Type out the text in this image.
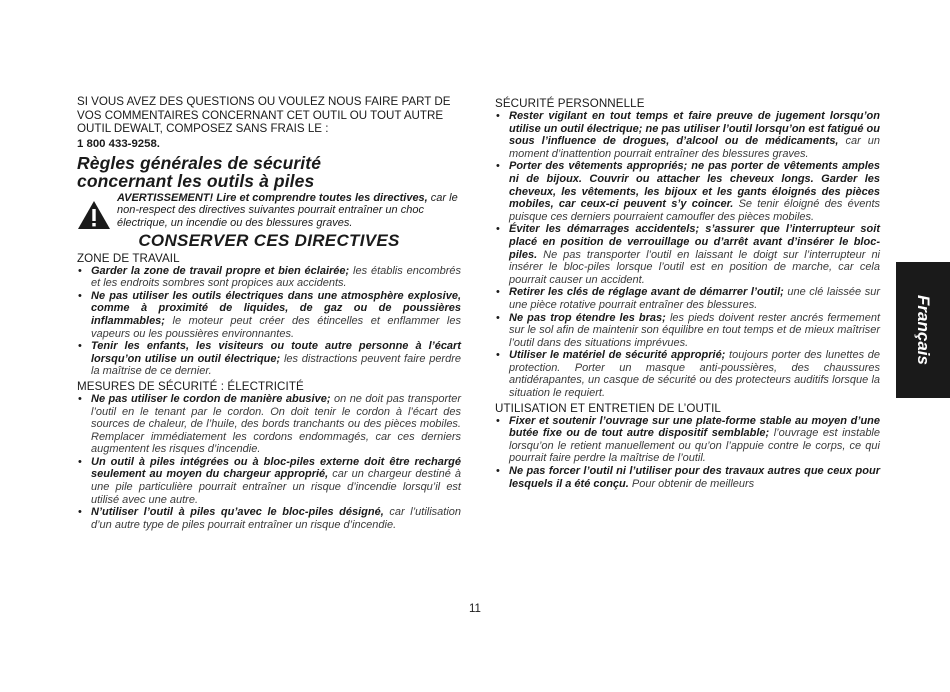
SI VOUS AVEZ DES QUESTIONS OU VOULEZ NOUS FAIRE PART DE VOS COMMENTAIRES CONCERNANT CET OUTIL OU TOUT AUTRE OUTIL DEWALT, COMPOSEZ SANS FRAIS LE :
1 800 433-9258.
Règles générales de sécurité
concernant les outils à piles
AVERTISSEMENT! Lire et comprendre toutes les directives, car le non-respect des directives suivantes pourrait entraîner un choc électrique, un incendie ou des blessures graves.
CONSERVER CES DIRECTIVES
ZONE DE TRAVAIL
• Garder la zone de travail propre et bien éclairée; les établis encombrés et les endroits sombres sont propices aux accidents.
• Ne pas utiliser les outils électriques dans une atmosphère explosive, comme à proximité de liquides, de gaz ou de poussières inflammables; le moteur peut créer des étincelles et enflammer les vapeurs ou les poussières environnantes.
• Tenir les enfants, les visiteurs ou toute autre personne à l’écart lorsqu’on utilise un outil électrique; les distractions peuvent faire perdre la maîtrise de ce dernier.
MESURES DE SÉCURITÉ : ÉLECTRICITÉ
• Ne pas utiliser le cordon de manière abusive; on ne doit pas transporter l’outil en le tenant par le cordon. On doit tenir le cordon à l’écart des sources de chaleur, de l’huile, des bords tranchants ou des pièces mobiles. Remplacer immédiatement les cordons endommagés, car ces derniers augmentent les risques d’incendie.
• Un outil à piles intégrées ou à bloc-piles externe doit être rechargé seulement au moyen du chargeur approprié, car un chargeur destiné à une pile particulière pourrait entraîner un risque d’incendie lorsqu’il est utilisé avec une autre.
• N’utiliser l’outil à piles qu’avec le bloc-piles désigné, car l’utilisation d’un autre type de piles pourrait entraîner un risque d’incendie.
SÉCURITÉ PERSONNELLE
• Rester vigilant en tout temps et faire preuve de jugement lorsqu’on utilise un outil électrique; ne pas utiliser l’outil lorsqu’on est fatigué ou sous l’influence de drogues, d’alcool ou de médicaments, car un moment d’inattention pourrait entraîner des blessures graves.
• Porter des vêtements appropriés; ne pas porter de vêtements amples ni de bijoux. Couvrir ou attacher les cheveux longs. Garder les cheveux, les vêtements, les bijoux et les gants éloignés des pièces mobiles, car ceux-ci peuvent s’y coincer. Se tenir éloigné des évents puisque ces derniers pourraient camoufler des pièces mobiles.
• Éviter les démarrages accidentels; s’assurer que l’interrupteur soit placé en position de verrouillage ou d’arrêt avant d’insérer le bloc-piles. Ne pas transporter l’outil en laissant le doigt sur l’interrupteur ni insérer le bloc-piles lorsque l’outil est en position de marche, car cela pourrait causer un accident.
• Retirer les clés de réglage avant de démarrer l’outil; une clé laissée sur une pièce rotative pourrait entraîner des blessures.
• Ne pas trop étendre les bras; les pieds doivent rester ancrés fermement sur le sol afin de maintenir son équilibre en tout temps et de mieux maîtriser l’outil dans des situations imprévues.
• Utiliser le matériel de sécurité approprié; toujours porter des lunettes de protection. Porter un masque anti-poussières, des chaussures antidérapantes, un casque de sécurité ou des protecteurs auditifs lorsque la situation le requiert.
UTILISATION ET ENTRETIEN DE L’OUTIL
• Fixer et soutenir l’ouvrage sur une plate-forme stable au moyen d’une butée fixe ou de tout autre dispositif semblable; l’ouvrage est instable lorsqu’on le retient manuellement ou qu’on l’appuie contre le corps, ce qui pourrait faire perdre la maîtrise de l’outil.
• Ne pas forcer l’outil ni l’utiliser pour des travaux autres que ceux pour lesquels il a été conçu. Pour obtenir de meilleurs
11
Français
